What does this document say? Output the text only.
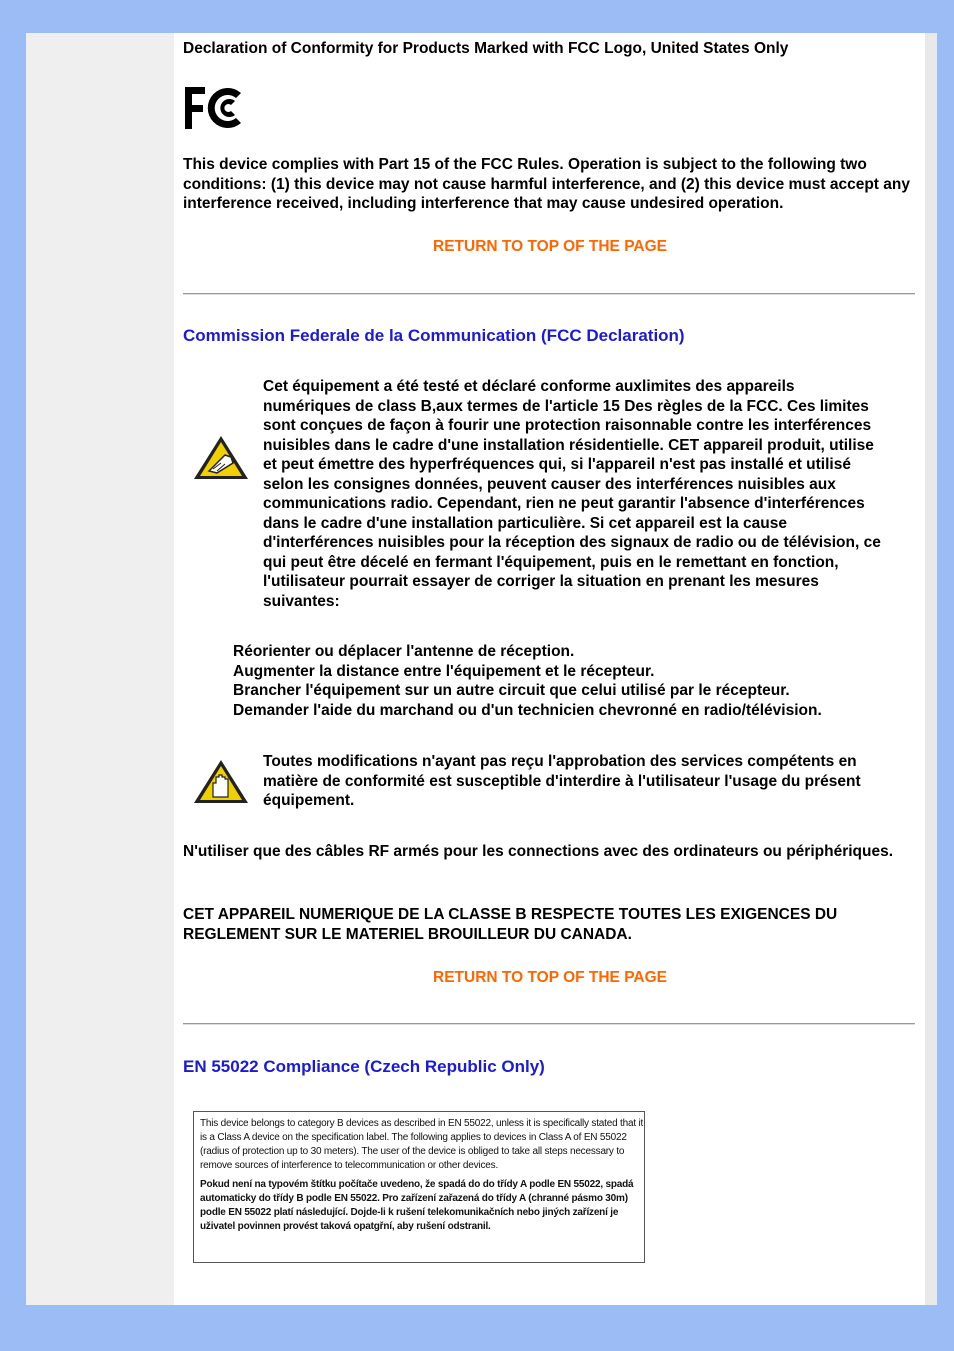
Declaration of Conformity for Products Marked with FCC Logo, United States Only
This device complies with Part 15 of the FCC Rules. Operation is subject to the following two conditions: (1) this device may not cause harmful interference, and (2) this device must accept any interference received, including interference that may cause undesired operation.
RETURN TO TOP OF THE PAGE
Commission Federale de la Communication (FCC Declaration)
Cet équipement a été testé et déclaré conforme auxlimites des appareils numériques de class B,aux termes de l'article 15 Des règles de la FCC. Ces limites sont conçues de façon à fourir une protection raisonnable contre les interférences nuisibles dans le cadre d'une installation résidentielle. CET appareil produit, utilise et peut émettre des hyperfréquences qui, si l'appareil n'est pas installé et utilisé selon les consignes données, peuvent causer des interférences nuisibles aux communications radio. Cependant, rien ne peut garantir l'absence d'interférences dans le cadre d'une installation particulière. Si cet appareil est la cause d'interférences nuisibles pour la réception des signaux de radio ou de télévision, ce qui peut être décelé en fermant l'équipement, puis en le remettant en fonction, l'utilisateur pourrait essayer de corriger la situation en prenant les mesures suivantes:
Réorienter ou déplacer l'antenne de réception.
Augmenter la distance entre l'équipement et le récepteur.
Brancher l'équipement sur un autre circuit que celui utilisé par le récepteur.
Demander l'aide du marchand ou d'un technicien chevronné en radio/télévision.
Toutes modifications n'ayant pas reçu l'approbation des services compétents en matière de conformité est susceptible d'interdire à l'utilisateur l'usage du présent équipement.
N'utiliser que des câbles RF armés pour les connections avec des ordinateurs ou périphériques.
CET APPAREIL NUMERIQUE DE LA CLASSE B RESPECTE TOUTES LES EXIGENCES DU REGLEMENT SUR LE MATERIEL BROUILLEUR DU CANADA.
RETURN TO TOP OF THE PAGE
EN 55022 Compliance (Czech Republic Only)

This device belongs to category B devices as described in EN 55022, unless it is specifically stated that it is a Class A device on the specification label. The following applies to devices in Class A of EN 55022 (radius of protection up to 30 meters). The user of the device is obliged to take all steps necessary to remove sources of interference to telecommunication or other devices.

Pokud není na typovém štítku počítače uvedeno, že spadá do do třídy A podle EN 55022, spadá automaticky do třídy B podle EN 55022. Pro zařízení zařazená do třídy A (chranné pásmo 30m) podle EN 55022 platí následující. Dojde-li k rušení telekomunikačních nebo jiných zařízení je uživatel povinnen provést taková opatgřní, aby rušení odstranil.
